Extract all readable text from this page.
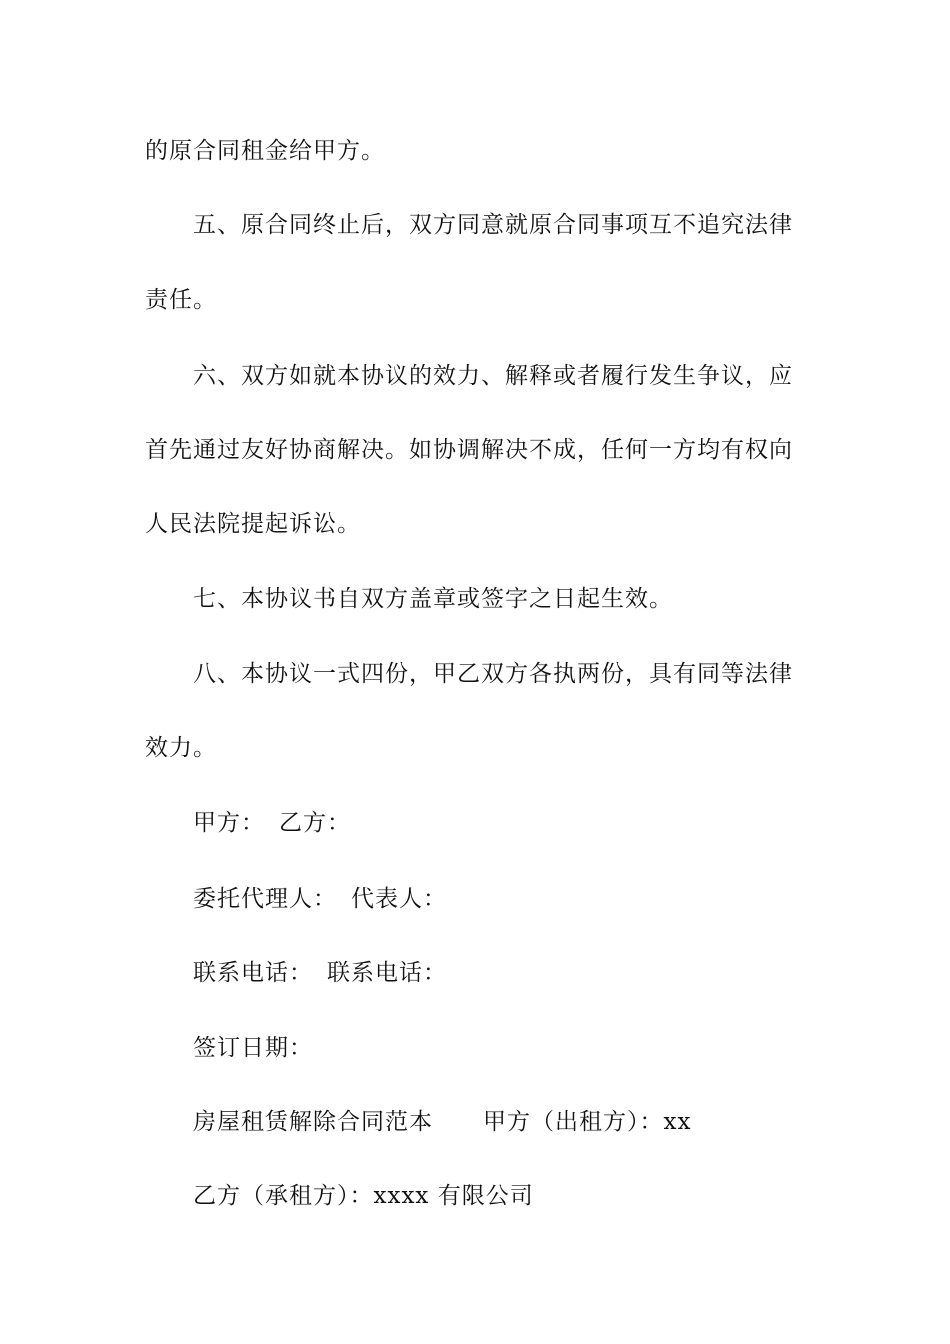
的原合同租金给甲方。
五、原合同终止后，双方同意就原合同事项互不追究法律
责任。
六、双方如就本协议的效力、解释或者履行发生争议，应
首先通过友好协商解决。如协调解决不成，任何一方均有权向
人民法院提起诉讼。
七、本协议书自双方盖章或签字之日起生效。
八、本协议一式四份，甲乙双方各执两份，具有同等法律
效力。
甲方： 乙方：
委托代理人： 代表人：
联系电话： 联系电话：
签订日期：
房屋租赁解除合同范本 甲方（出租方）：xx
乙方（承租方）：xxxx 有限公司
